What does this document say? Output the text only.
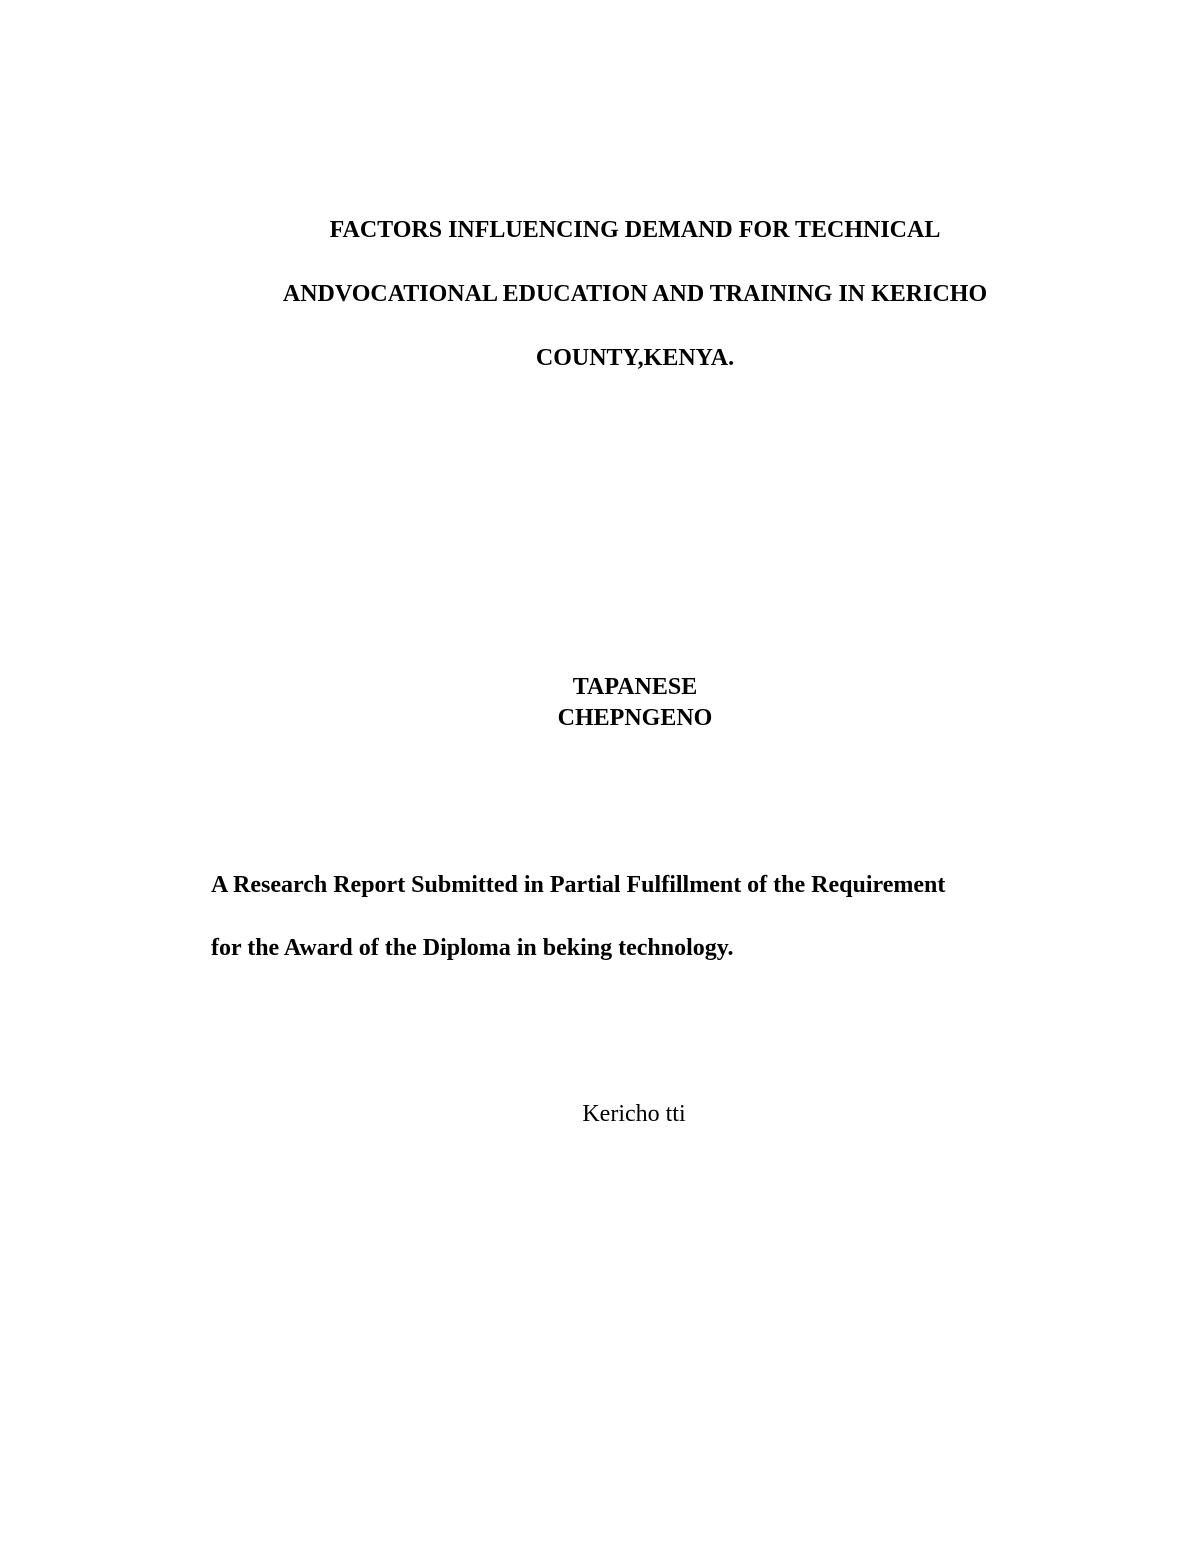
FACTORS INFLUENCING DEMAND FOR TECHNICAL
ANDVOCATIONAL EDUCATION AND TRAINING IN KERICHO
COUNTY,KENYA.
TAPANESE
CHEPNGENO
A Research Report Submitted in Partial Fulfillment of the Requirement
for the Award of the Diploma in beking technology.
Kericho tti
